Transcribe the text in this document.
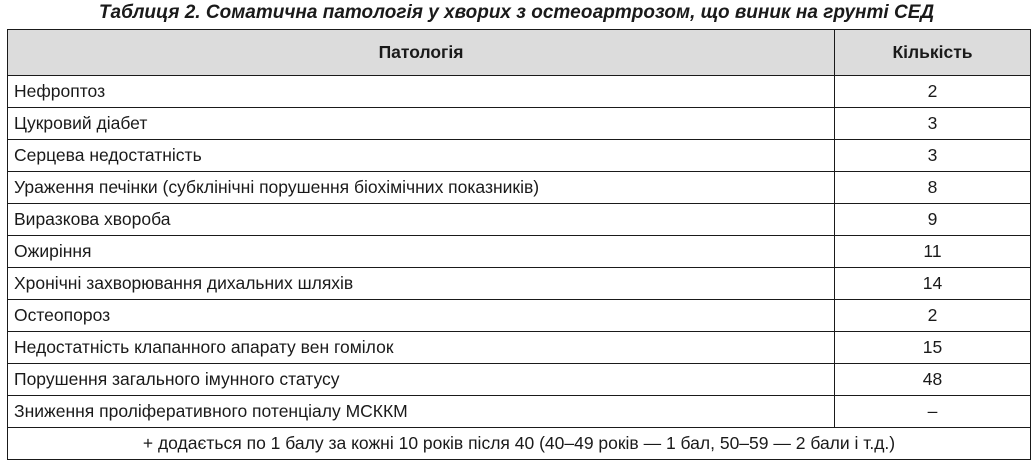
Таблиця 2. Соматична патологія у хворих з остеоартрозом, що виник на грунті СЕД
Патологія	Кількість
Нефроптоз	2
Цукровий діабет	3
Серцева недостатність	3
Ураження печінки (субклінічні порушення біохімічних показників)	8
Виразкова хвороба	9
Ожиріння	11
Хронічні захворювання дихальних шляхів	14
Остеопороз	2
Недостатність клапанного апарату вен гомілок	15
Порушення загального імунного статусу	48
Зниження проліферативного потенціалу МСККМ	–
+ додається по 1 балу за кожні 10 років після 40 (40–49 років — 1 бал, 50–59 — 2 бали і т.д.)	
